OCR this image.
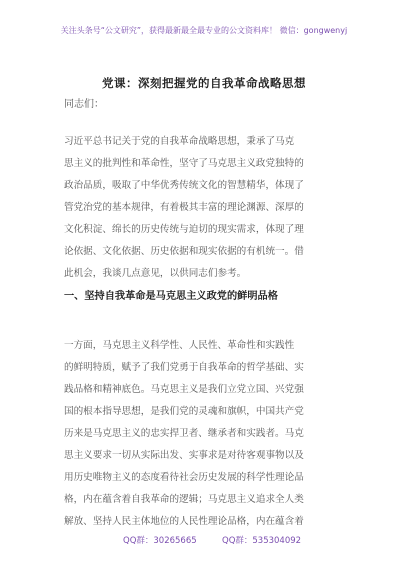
关注头条号“公文研究”，获得最新最全最专业的公文资料库！ 微信：gongwenyj
党课：深刻把握党的自我革命战略思想
同志们：
习近平总书记关于党的自我革命战略思想，秉承了马克
思主义的批判性和革命性，坚守了马克思主义政党独特的
政治品质，吸取了中华优秀传统文化的智慧精华，体现了
管党治党的基本规律，有着极其丰富的理论渊源、深厚的
文化积淀、绵长的历史传统与迫切的现实需求，体现了理
论依据、文化依据、历史依据和现实依据的有机统一。借
此机会，我谈几点意见，以供同志们参考。
一、坚持自我革命是马克思主义政党的鲜明品格
一方面，马克思主义科学性、人民性、革命性和实践性
的鲜明特质，赋予了我们党勇于自我革命的哲学基础、实
践品格和精神底色。马克思主义是我们立党立国、兴党强
国的根本指导思想，是我们党的灵魂和旗帜，中国共产党
历来是马克思主义的忠实捍卫者、继承者和实践者。马克
思主义要求一切从实际出发、实事求是对待客观事物以及
用历史唯物主义的态度看待社会历史发展的科学性理论品
格，内在蕴含着自我革命的逻辑；马克思主义追求全人类
解放、坚持人民主体地位的人民性理论品格，内在蕴含着
QQ群：30265665	QQ群：535304092
